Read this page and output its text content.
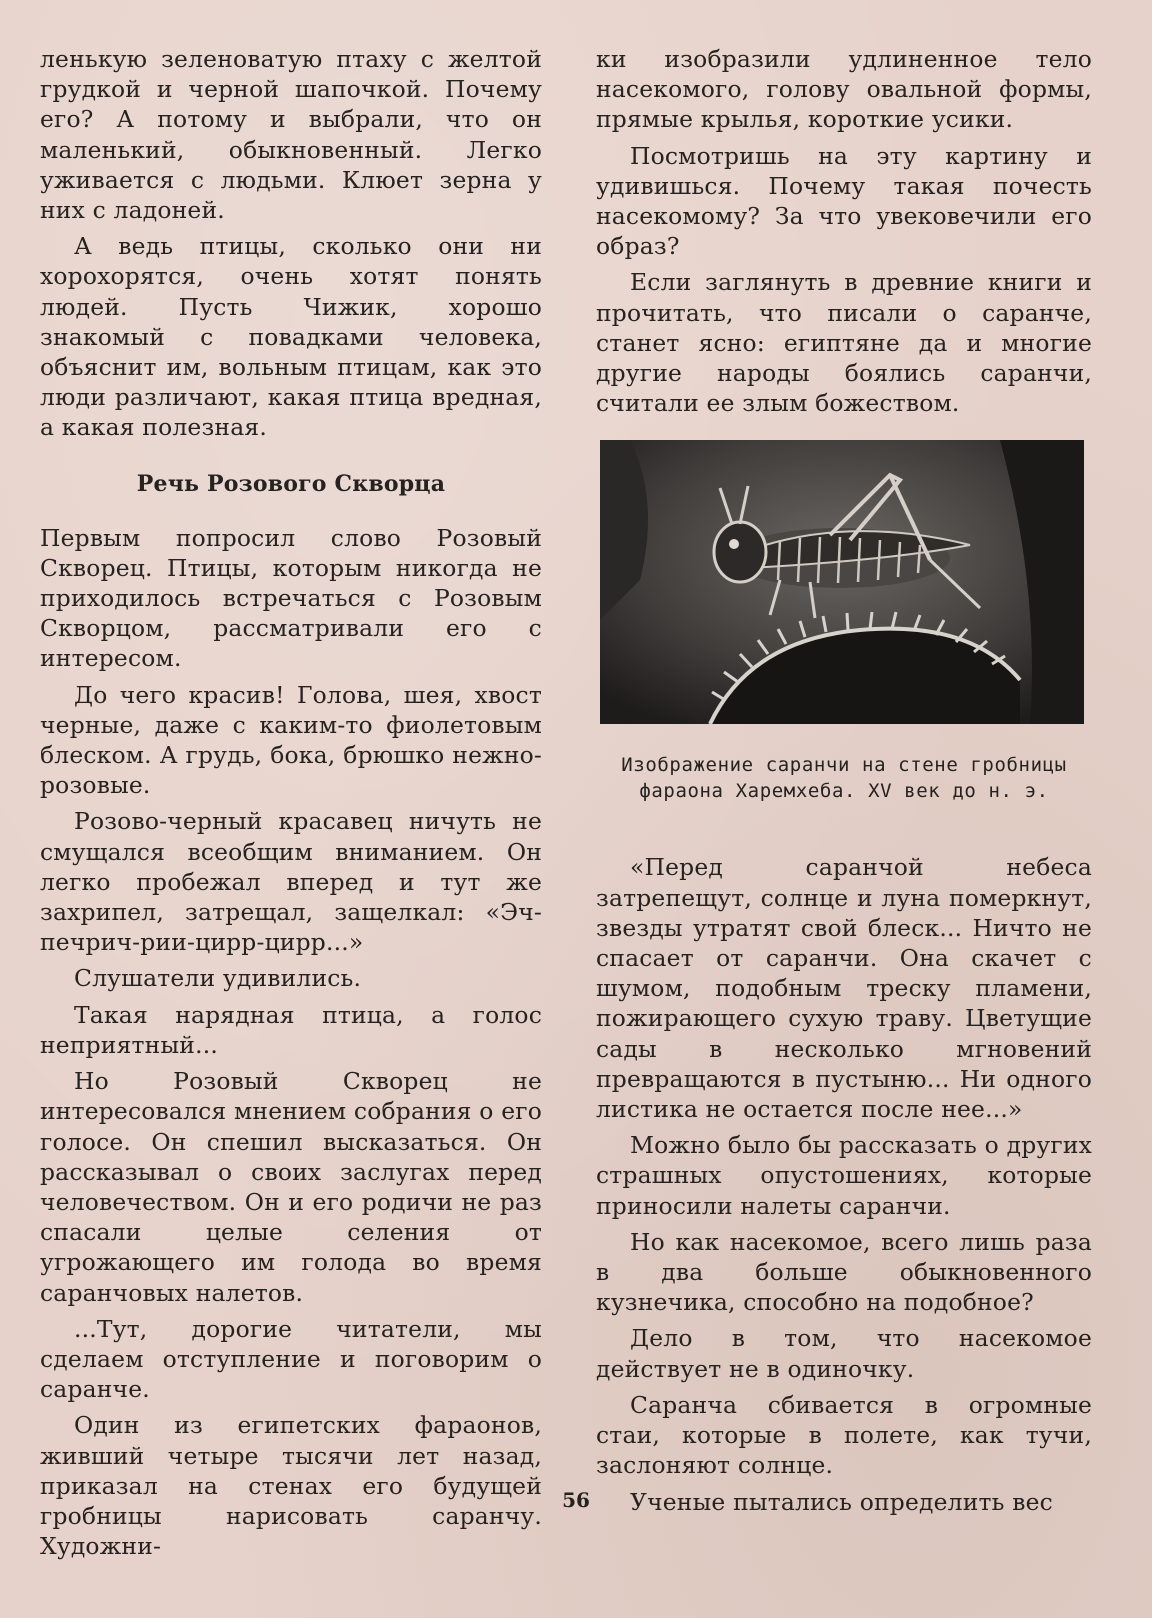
ленькую зеленоватую птаху с желтой грудкой и черной шапочкой. Почему его? А потому и выбрали, что он маленький, обыкновенный. Легко уживается с людьми. Клюет зерна у них с ладоней.

А ведь птицы, сколько они ни хорохорятся, очень хотят понять людей. Пусть Чижик, хорошо знакомый с повадками человека, объяснит им, вольным птицам, как это люди различают, какая птица вредная, а какая полезная.

Речь Розового Скворца

Первым попросил слово Розовый Скворец. Птицы, которым никогда не приходилось встречаться с Розовым Скворцом, рассматривали его с интересом.

До чего красив! Голова, шея, хвост черные, даже с каким-то фиолетовым блеском. А грудь, бока, брюшко нежно-розовые.

Розово-черный красавец ничуть не смущался всеобщим вниманием. Он легко пробежал вперед и тут же захрипел, затрещал, защелкал: «Эч-печрич-рии-цирр-цирр...»

Слушатели удивились.

Такая нарядная птица, а голос неприятный...

Но Розовый Скворец не интересовался мнением собрания о его голосе. Он спешил высказаться. Он рассказывал о своих заслугах перед человечеством. Он и его родичи не раз спасали целые селения от угрожающего им голода во время саранчовых налетов.

...Тут, дорогие читатели, мы сделаем отступление и поговорим о саранче.

Один из египетских фараонов, живший четыре тысячи лет назад, приказал на стенах его будущей гробницы нарисовать саранчу. Художни-

ки изобразили удлиненное тело насекомого, голову овальной формы, прямые крылья, короткие усики.

Посмотришь на эту картину и удивишься. Почему такая почесть насекомому? За что увековечили его образ?

Если заглянуть в древние книги и прочитать, что писали о саранче, станет ясно: египтяне да и многие другие народы боялись саранчи, считали ее злым божеством.

Изображение саранчи на стене гробницы фараона Харемхеба. XV век до н. э.

«Перед саранчой небеса затрепещут, солнце и луна померкнут, звезды утратят свой блеск... Ничто не спасает от саранчи. Она скачет с шумом, подобным треску пламени, пожирающего сухую траву. Цветущие сады в несколько мгновений превращаются в пустыню... Ни одного листика не остается после нее...»

Можно было бы рассказать о других страшных опустошениях, которые приносили налеты саранчи.

Но как насекомое, всего лишь раза в два больше обыкновенного кузнечика, способно на подобное?

Дело в том, что насекомое действует не в одиночку.

Саранча сбивается в огромные стаи, которые в полете, как тучи, заслоняют солнце.

Ученые пытались определить вес

56
